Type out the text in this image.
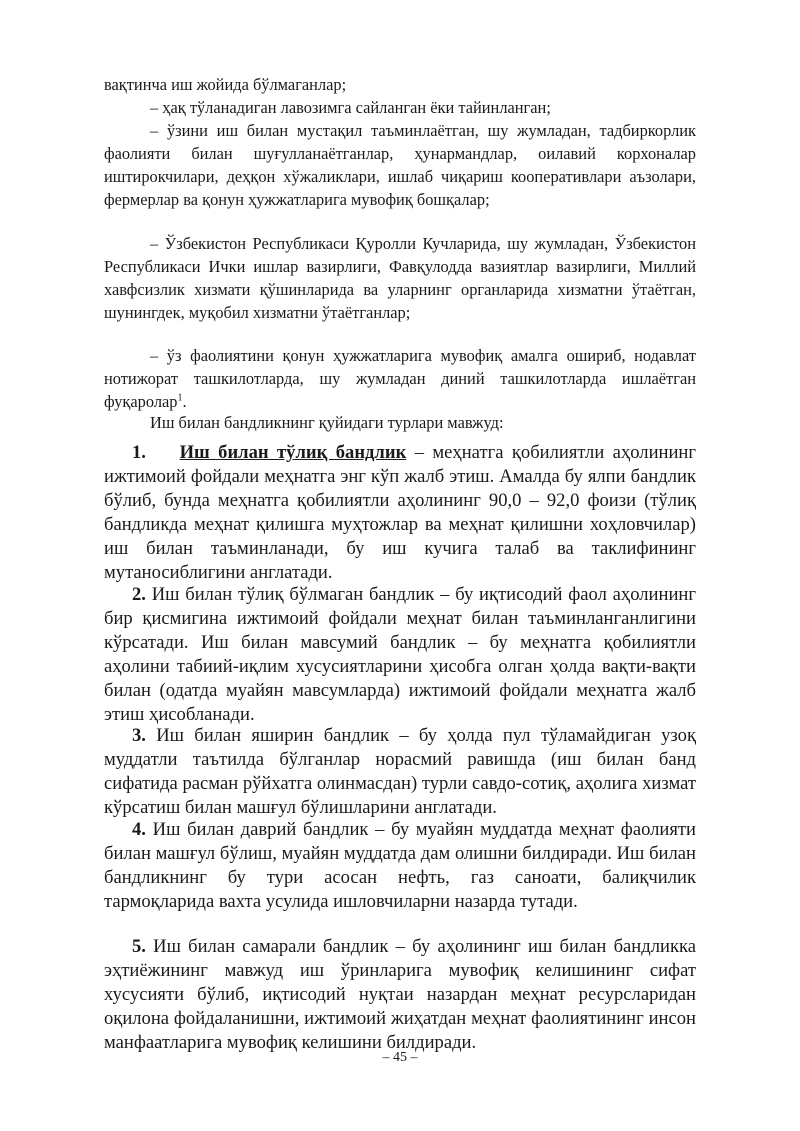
вақтинча иш жойида бўлмаганлар;

– ҳақ тўланадиган лавозимга сайланган ёки тайинланган;

– ўзини иш билан мустақил таъминлаётган, шу жумладан, тадбиркорлик фаолияти билан шуғулланаётганлар, ҳунармандлар, оилавий корхоналар иштирокчилари, деҳқон хўжаликлари, ишлаб чиқариш кооперативлари аъзолари, фермерлар ва қонун ҳужжатларига мувофиқ бошқалар;

– Ўзбекистон Республикаси Қуролли Кучларида, шу жумладан, Ўзбекистон Республикаси Ички ишлар вазирлиги, Фавқулодда вазиятлар вазирлиги, Миллий хавфсизлик хизмати қўшинларида ва уларнинг органларида хизматни ўтаётган, шунингдек, муқобил хизматни ўтаётганлар;

– ўз фаолиятини қонун ҳужжатларига мувофиқ амалга ошириб, нодавлат нотижорат ташкилотларда, шу жумладан диний ташкилотларда ишлаётган фуқаролар$^1$.

Иш билан бандликнинг қуйидаги турлари мавжуд:

1. Иш билан тўлиқ бандлик – меҳнатга қобилиятли аҳолининг ижтимоий фойдали меҳнатга энг кўп жалб этиш. Амалда бу ялпи бандлик бўлиб, бунда меҳнатга қобилиятли аҳолининг 90,0 – 92,0 фоизи (тўлиқ бандликда меҳнат қилишга муҳтожлар ва меҳнат қилишни хоҳловчилар) иш билан таъминланади, бу иш кучига талаб ва таклифининг мутаносиблигини англатади.

2. Иш билан тўлиқ бўлмаган бандлик – бу иқтисодий фаол аҳолининг бир қисмигина ижтимоий фойдали меҳнат билан таъминланганлигини кўрсатади. Иш билан мавсумий бандлик – бу меҳнатга қобилиятли аҳолини табиий-иқлим хусусиятларини ҳисобга олган ҳолда вақти-вақти билан (одатда муайян мавсумларда) ижтимоий фойдали меҳнатга жалб этиш ҳисобланади.

3. Иш билан яширин бандлик – бу ҳолда пул тўламайдиган узоқ муддатли таътилда бўлганлар норасмий равишда (иш билан банд сифатида расман рўйхатга олинмасдан) турли савдо-сотиқ, аҳолига хизмат кўрсатиш билан машғул бўлишларини англатади.

4. Иш билан даврий бандлик – бу муайян муддатда меҳнат фаолияти билан машғул бўлиш, муайян муддатда дам олишни билдиради. Иш билан бандликнинг бу тури асосан нефть, газ саноати, балиқчилик тармоқларида вахта усулида ишловчиларни назарда тутади.

5. Иш билан самарали бандлик – бу аҳолининг иш билан бандликка эҳтиёжининг мавжуд иш ўринларига мувофиқ келишининг сифат хусусияти бўлиб, иқтисодий нуқтаи назардан меҳнат ресурсларидан оқилона фойдаланишни, ижтимоий жиҳатдан меҳнат фаолиятининг инсон манфаатларига мувофиқ келишини билдиради.

– 45 –
